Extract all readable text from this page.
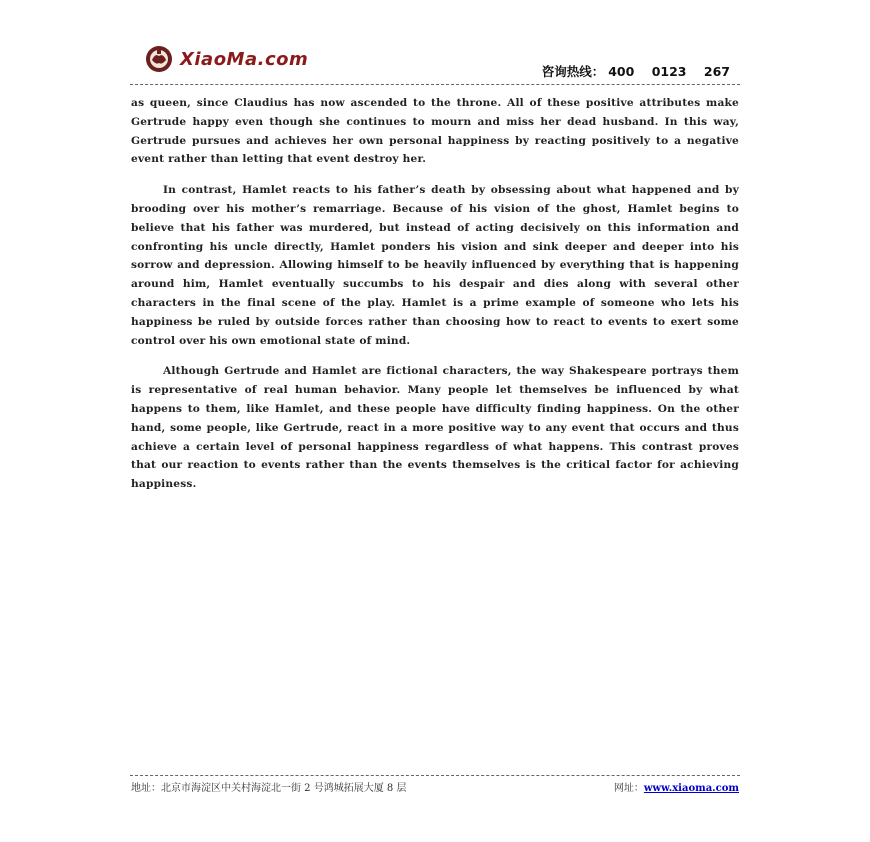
XiaoMa.com
咨询热线： 400    0123    267

as queen, since Claudius has now ascended to the throne. All of these positive attributes make Gertrude happy even though she continues to mourn and miss her dead husband. In this way, Gertrude pursues and achieves her own personal happiness by reacting positively to a negative event rather than letting that event destroy her.

In contrast, Hamlet reacts to his father’s death by obsessing about what happened and by brooding over his mother’s remarriage. Because of his vision of the ghost, Hamlet begins to believe that his father was murdered, but instead of acting decisively on this information and confronting his uncle directly, Hamlet ponders his vision and sink deeper and deeper into his sorrow and depression. Allowing himself to be heavily influenced by everything that is happening around him, Hamlet eventually succumbs to his despair and dies along with several other characters in the final scene of the play. Hamlet is a prime example of someone who lets his happiness be ruled by outside forces rather than choosing how to react to events to exert some control over his own emotional state of mind.

Although Gertrude and Hamlet are fictional characters, the way Shakespeare portrays them is representative of real human behavior. Many people let themselves be influenced by what happens to them, like Hamlet, and these people have difficulty finding happiness. On the other hand, some people, like Gertrude, react in a more positive way to any event that occurs and thus achieve a certain level of personal happiness regardless of what happens. This contrast proves that our reaction to events rather than the events themselves is the critical factor for achieving happiness.

地址：北京市海淀区中关村海淀北一街 2 号鸿城拓展大厦 8 层	网址：www.xiaoma.com
